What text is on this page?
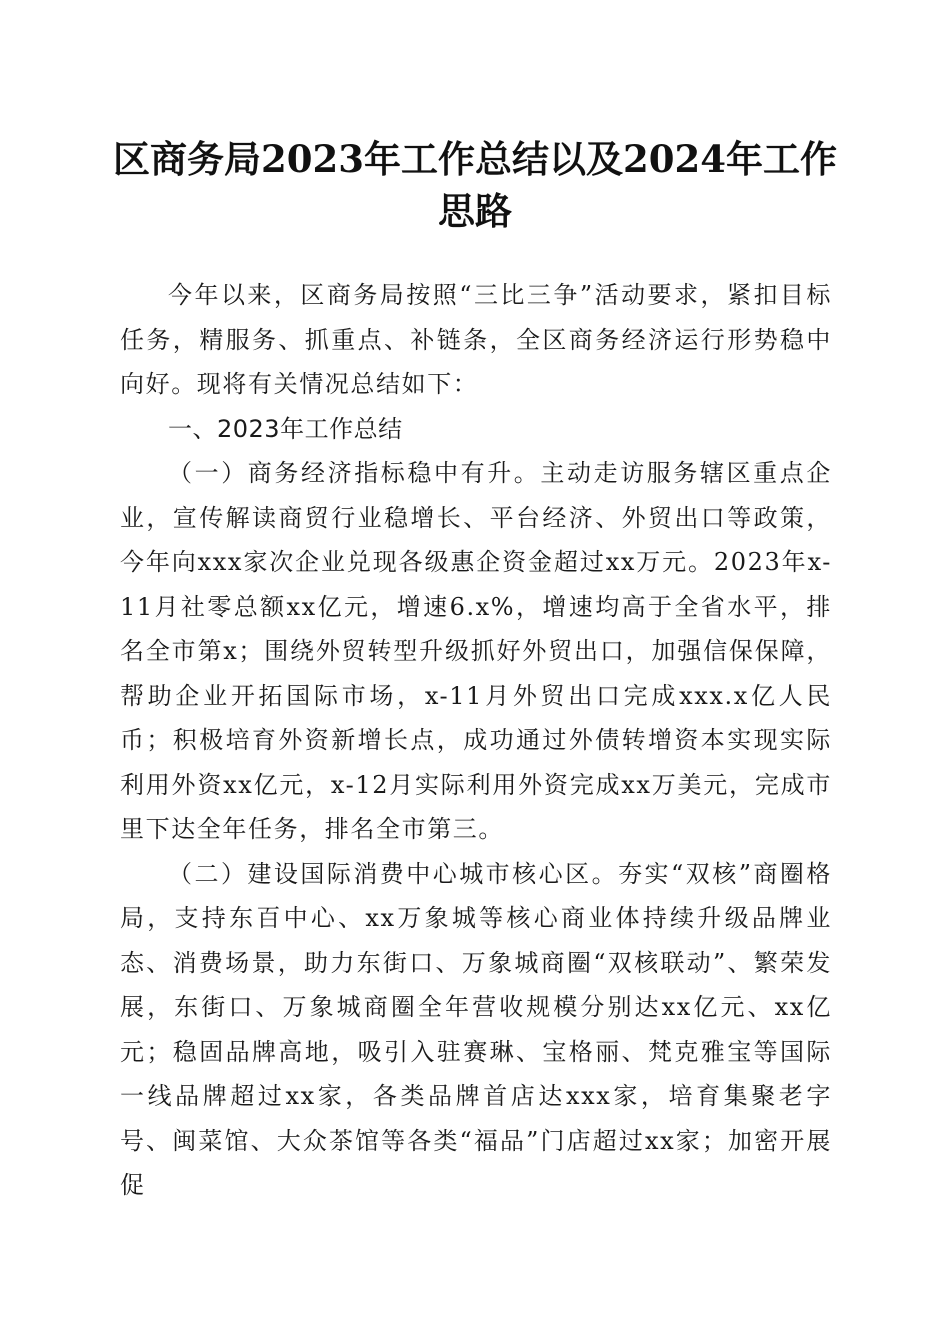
区商务局2023年工作总结以及2024年工作思路

今年以来，区商务局按照“三比三争”活动要求，紧扣目标任务，精服务、抓重点、补链条，全区商务经济运行形势稳中向好。现将有关情况总结如下：

一、2023年工作总结

（一）商务经济指标稳中有升。主动走访服务辖区重点企业，宣传解读商贸行业稳增长、平台经济、外贸出口等政策，今年向xxx家次企业兑现各级惠企资金超过xx万元。2023年x-11月社零总额xx亿元，增速6.x%，增速均高于全省水平，排名全市第x；围绕外贸转型升级抓好外贸出口，加强信保保障，帮助企业开拓国际市场，x-11月外贸出口完成xxx.x亿人民币；积极培育外资新增长点，成功通过外债转增资本实现实际利用外资xx亿元，x-12月实际利用外资完成xx万美元，完成市里下达全年任务，排名全市第三。

（二）建设国际消费中心城市核心区。夯实“双核”商圈格局，支持东百中心、xx万象城等核心商业体持续升级品牌业态、消费场景，助力东街口、万象城商圈“双核联动”、繁荣发展，东街口、万象城商圈全年营收规模分别达xx亿元、xx亿元；稳固品牌高地，吸引入驻赛琳、宝格丽、梵克雅宝等国际一线品牌超过xx家，各类品牌首店达xxx家，培育集聚老字号、闽菜馆、大众茶馆等各类“福品”门店超过xx家；加密开展促
